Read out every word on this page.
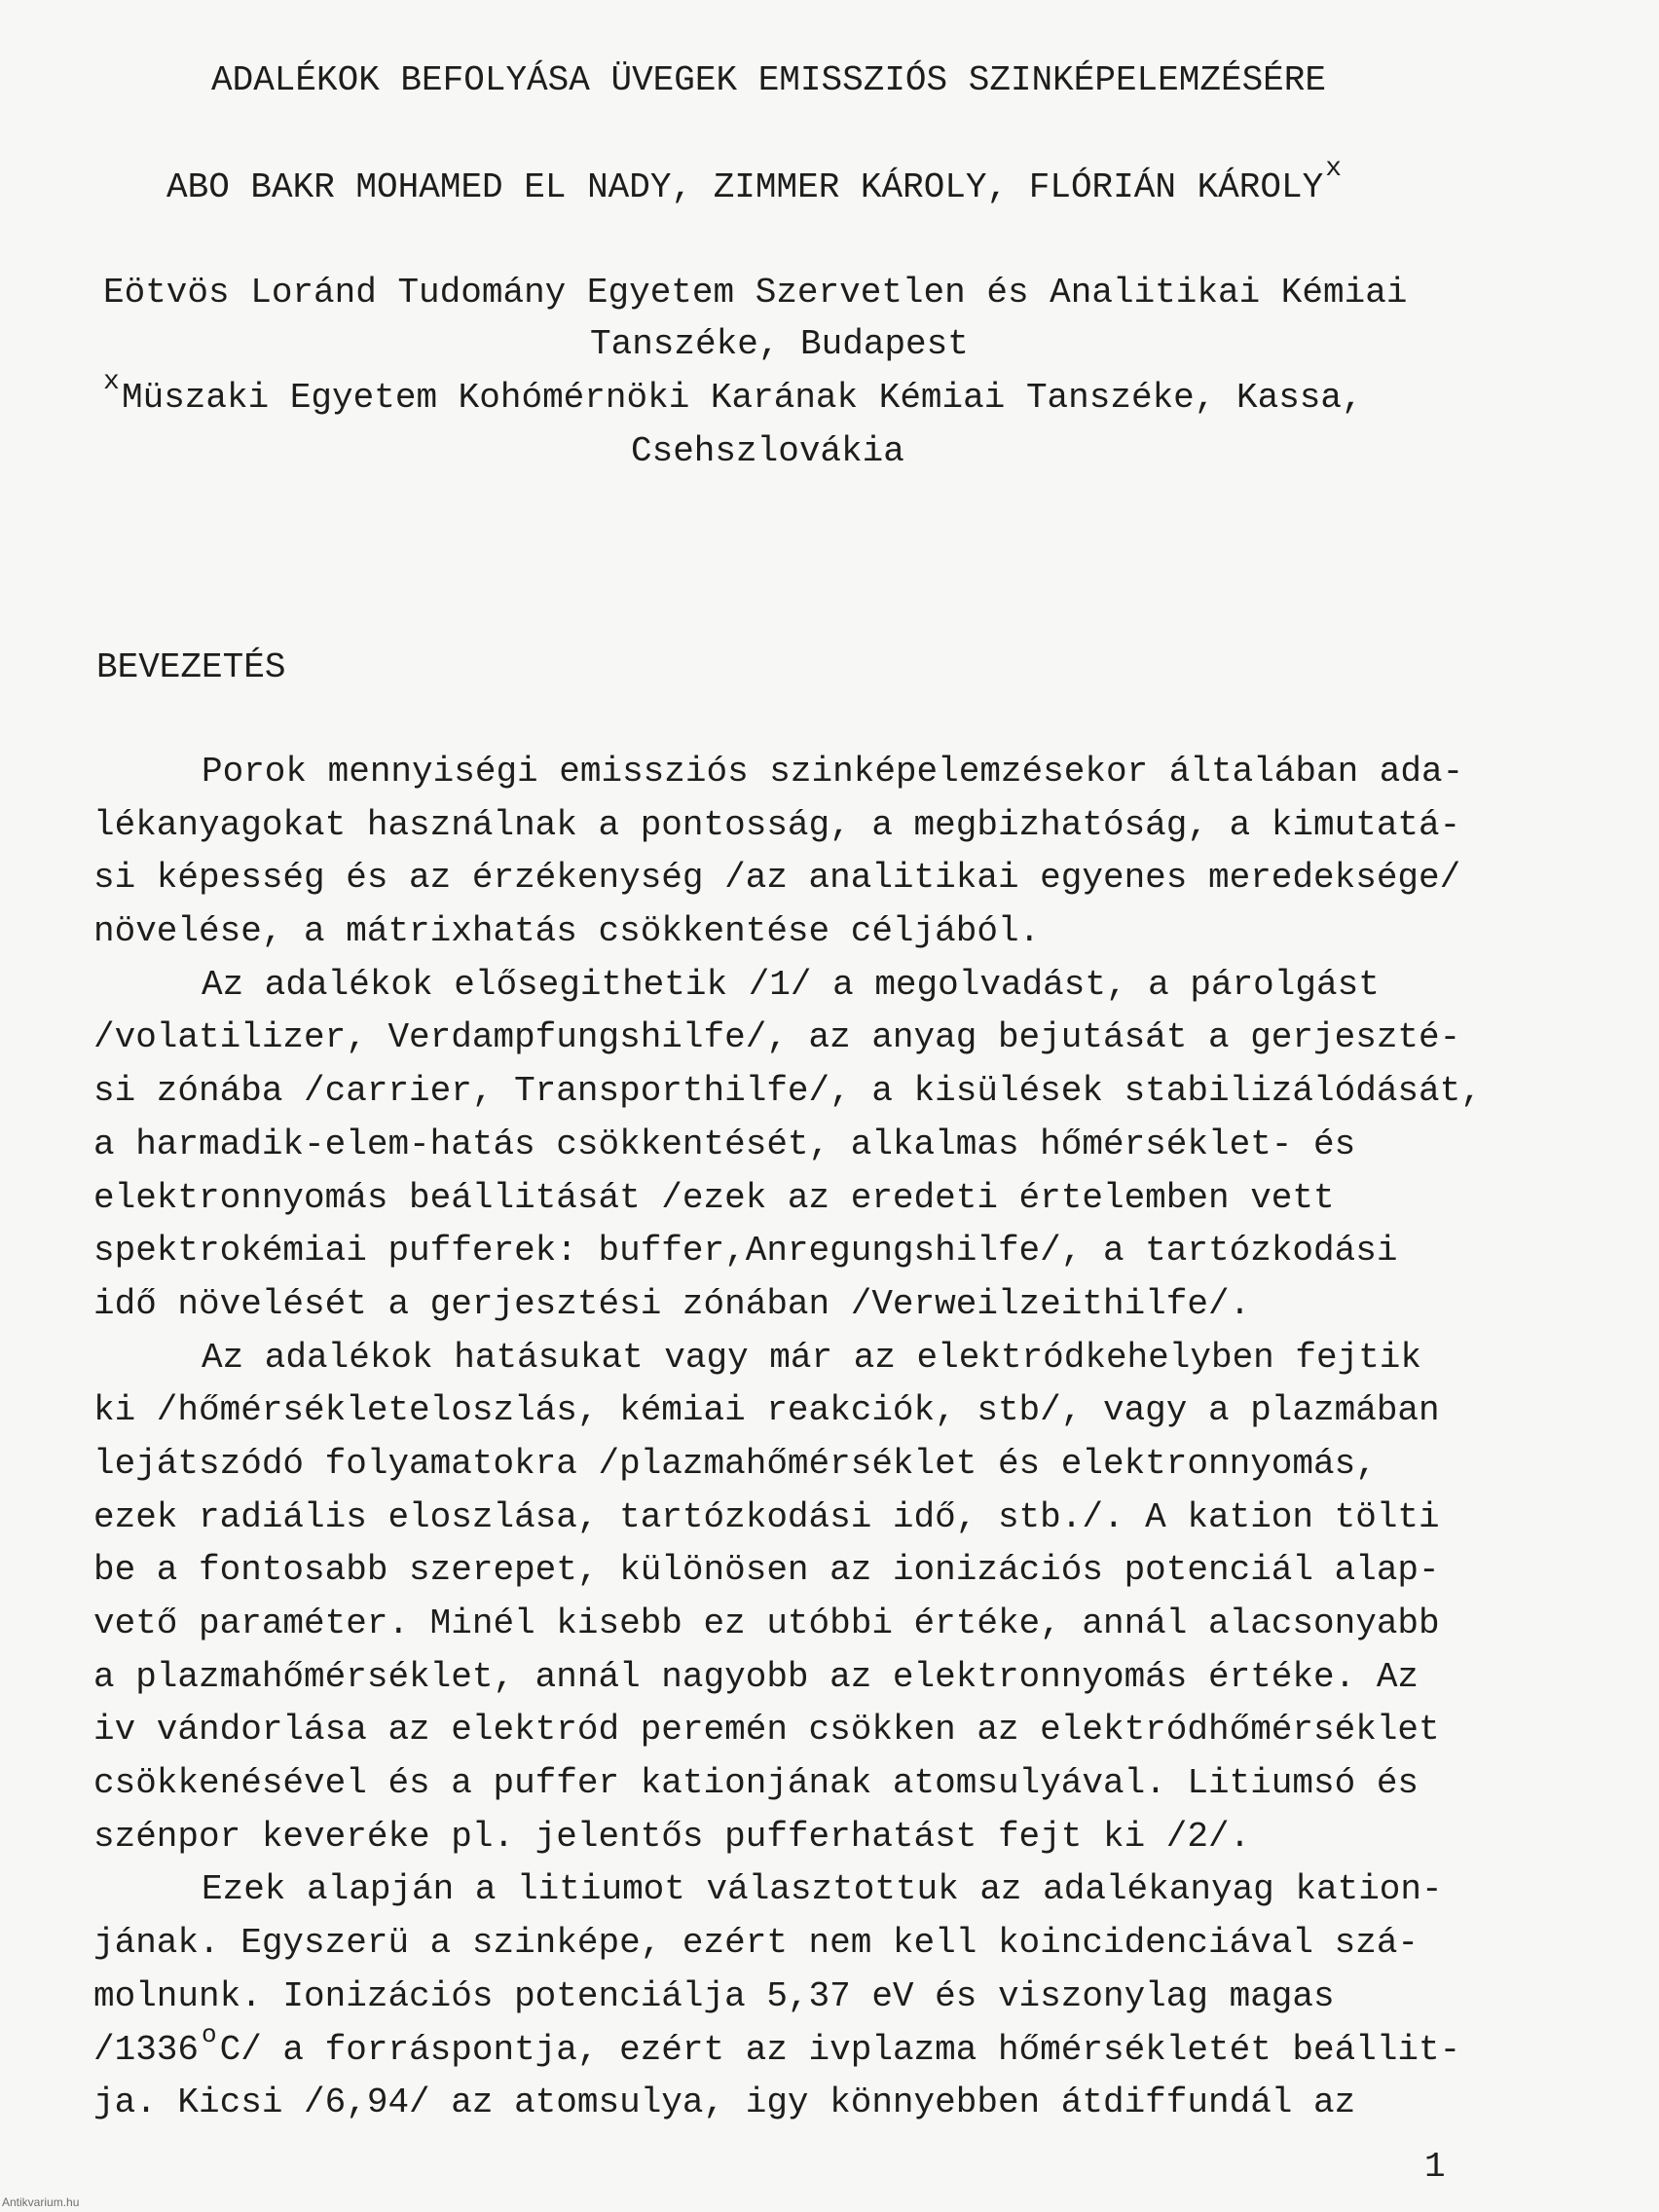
ADALÉKOK BEFOLYÁSA ÜVEGEK EMISSZIÓS SZINKÉPELEMZÉSÉRE
ABO BAKR MOHAMED EL NADY, ZIMMER KÁROLY, FLÓRIÁN KÁROLYx
Eötvös Loránd Tudomány Egyetem Szervetlen és Analitikai Kémiai
Tanszéke, Budapest
xMüszaki Egyetem Kohómérnöki Karának Kémiai Tanszéke, Kassa,
Csehszlovákia
BEVEZETÉS
Porok mennyiségi emissziós szinképelemzésekor általában ada-
lékanyagokat használnak a pontosság, a megbizhatóság, a kimutatá-
si képesség és az érzékenység /az analitikai egyenes meredeksége/
növelése, a mátrixhatás csökkentése céljából.
Az adalékok elősegithetik /1/ a megolvadást, a párolgást
/volatilizer, Verdampfungshilfe/, az anyag bejutását a gerjeszté-
si zónába /carrier, Transporthilfe/, a kisülések stabilizálódását,
a harmadik-elem-hatás csökkentését, alkalmas hőmérséklet- és
elektronnyomás beállitását /ezek az eredeti értelemben vett
spektrokémiai pufferek: buffer,Anregungshilfe/, a tartózkodási
idő növelését a gerjesztési zónában /Verweilzeithilfe/.
Az adalékok hatásukat vagy már az elektródkehelyben fejtik
ki /hőmérsékleteloszlás, kémiai reakciók, stb/, vagy a plazmában
lejátszódó folyamatokra /plazmahőmérséklet és elektronnyomás,
ezek radiális eloszlása, tartózkodási idő, stb./. A kation tölti
be a fontosabb szerepet, különösen az ionizációs potenciál alap-
vető paraméter. Minél kisebb ez utóbbi értéke, annál alacsonyabb
a plazmahőmérséklet, annál nagyobb az elektronnyomás értéke. Az
iv vándorlása az elektród peremén csökken az elektródhőmérséklet
csökkenésével és a puffer kationjának atomsulyával. Litiumsó és
szénpor keveréke pl. jelentős pufferhatást fejt ki /2/.
Ezek alapján a litiumot választottuk az adalékanyag kation-
jának. Egyszerü a szinképe, ezért nem kell koincidenciával szá-
molnunk. Ionizációs potenciálja 5,37 eV és viszonylag magas
/1336 oC/ a forráspontja, ezért az ivplazma hőmérsékletét beállit-
ja. Kicsi /6,94/ az atomsulya, igy könnyebben átdiffundál az
1
Antikvarium.hu
